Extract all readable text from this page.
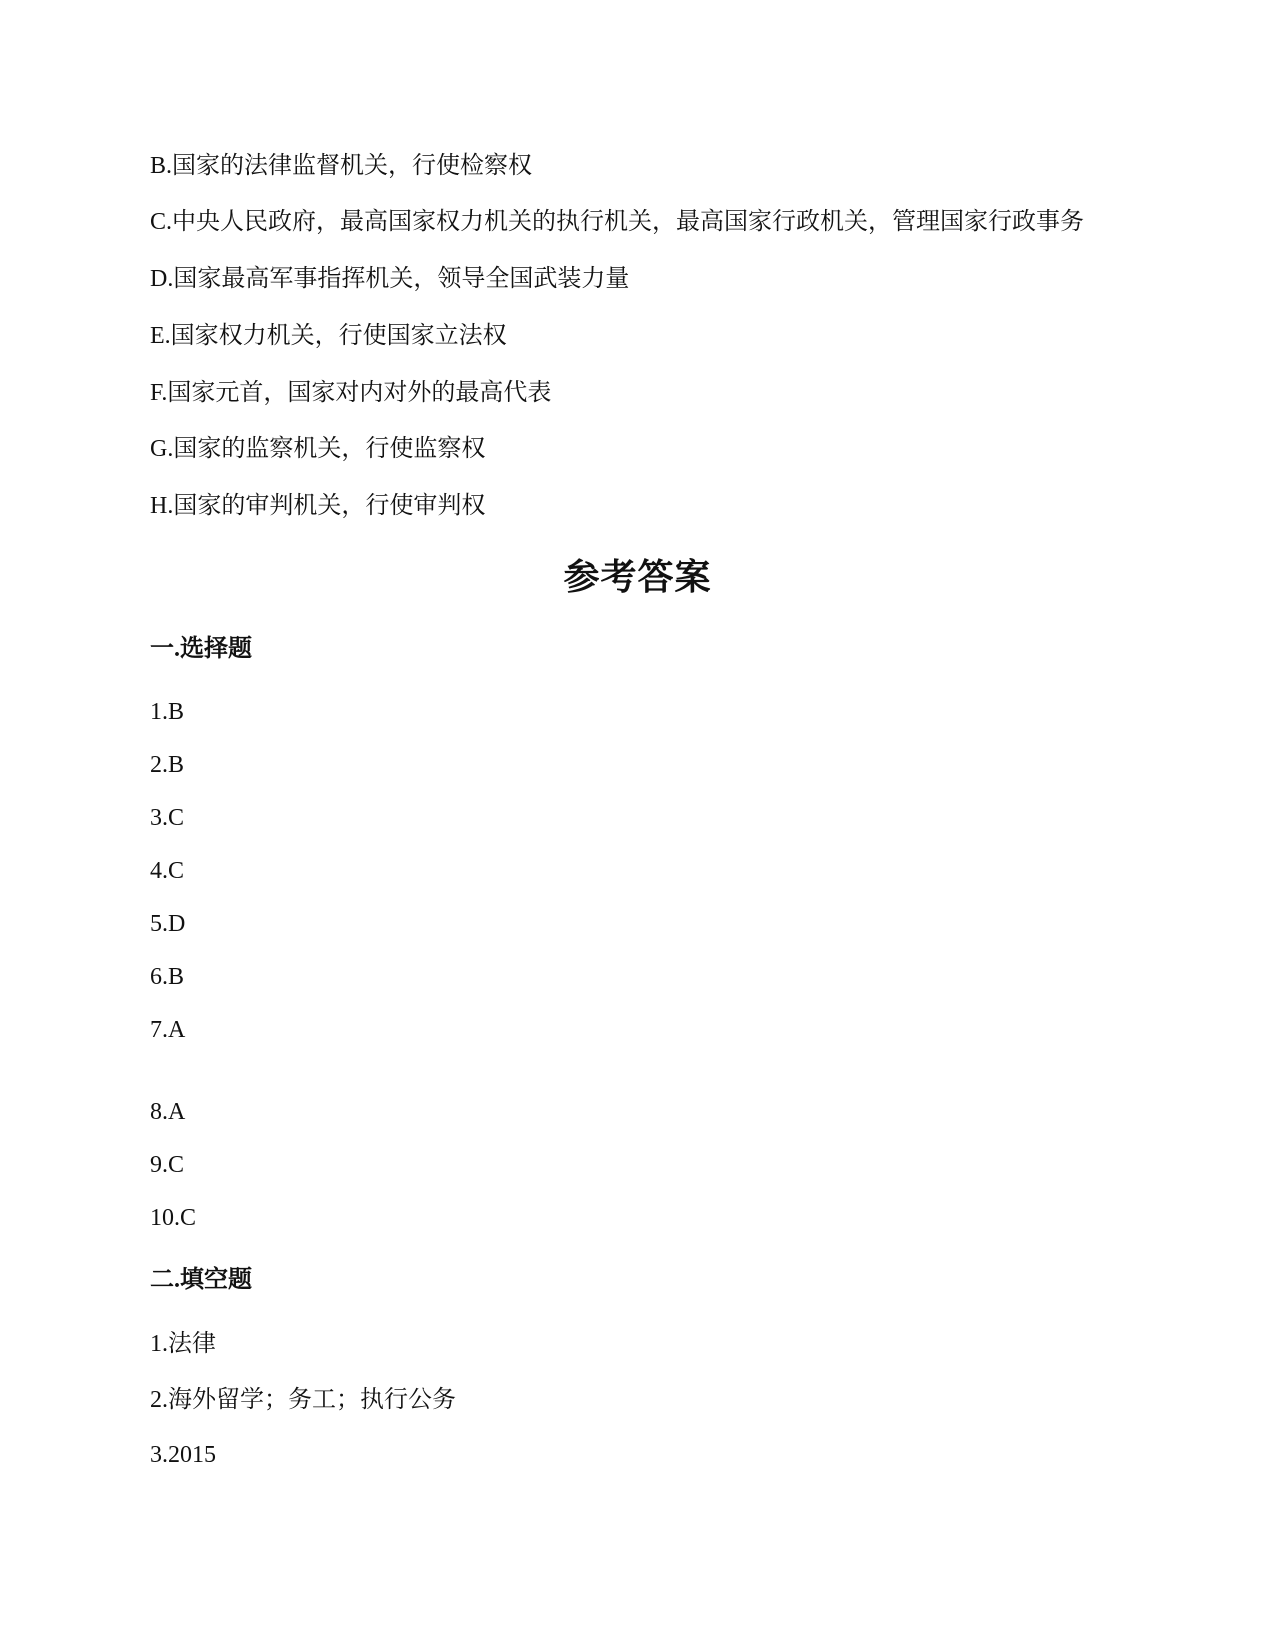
B.国家的法律监督机关，行使检察权
C.中央人民政府，最高国家权力机关的执行机关，最高国家行政机关，管理国家行政事务
D.国家最高军事指挥机关，领导全国武装力量
E.国家权力机关，行使国家立法权
F.国家元首，国家对内对外的最高代表
G.国家的监察机关，行使监察权
H.国家的审判机关，行使审判权
参考答案
一.选择题
1.B
2.B
3.C
4.C
5.D
6.B
7.A
8.A
9.C
10.C
二.填空题
1.法律
2.海外留学；务工；执行公务
3.2015
